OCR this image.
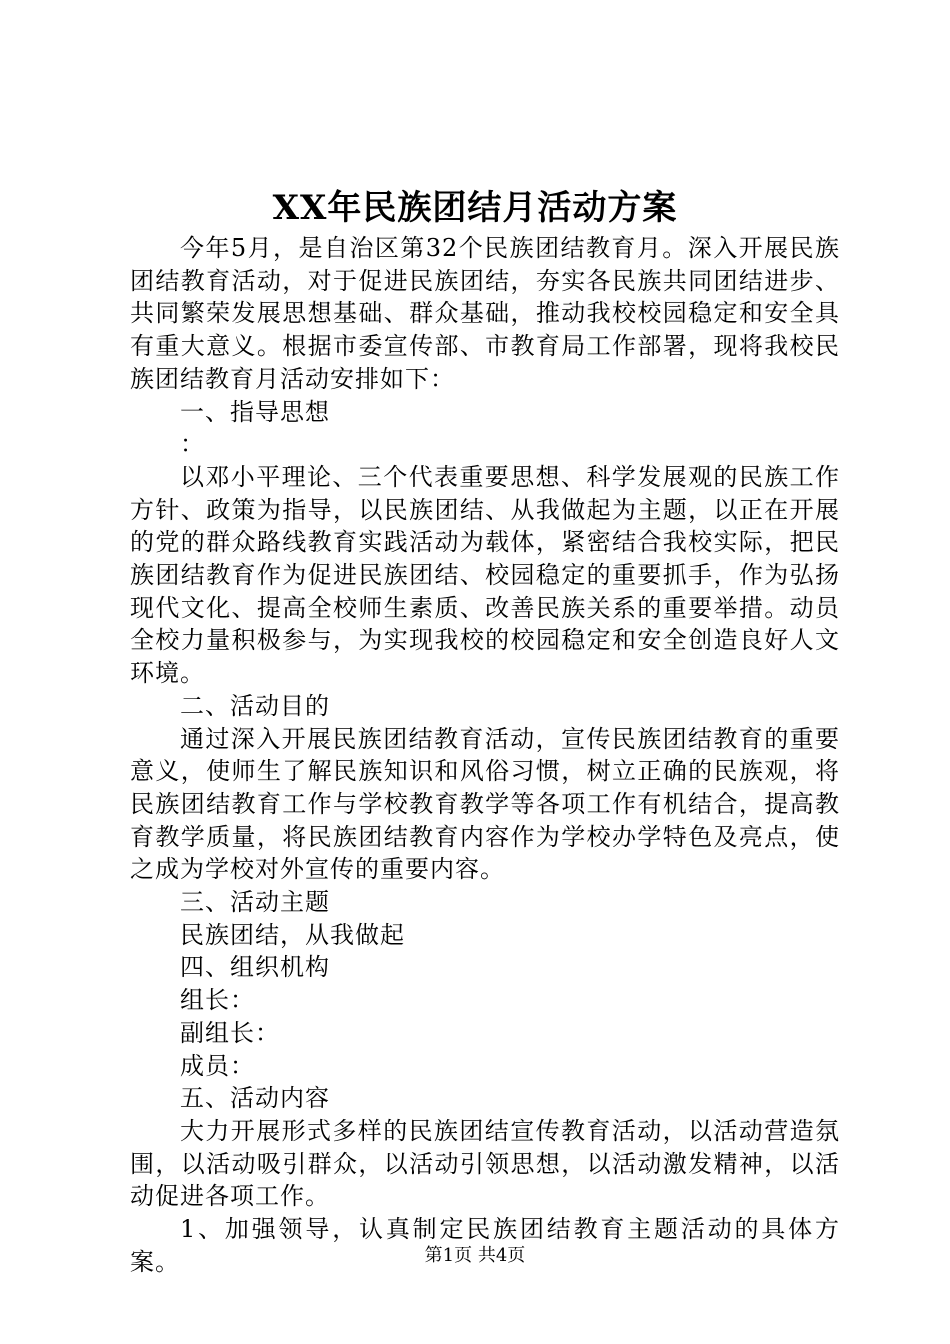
XX年民族团结月活动方案

今年5月，是自治区第32个民族团结教育月。深入开展民族团结教育活动，对于促进民族团结，夯实各民族共同团结进步、共同繁荣发展思想基础、群众基础，推动我校校园稳定和安全具有重大意义。根据市委宣传部、市教育局工作部署，现将我校民族团结教育月活动安排如下：

一、指导思想

：

以邓小平理论、三个代表重要思想、科学发展观的民族工作方针、政策为指导，以民族团结、从我做起为主题，以正在开展的党的群众路线教育实践活动为载体，紧密结合我校实际，把民族团结教育作为促进民族团结、校园稳定的重要抓手，作为弘扬现代文化、提高全校师生素质、改善民族关系的重要举措。动员全校力量积极参与，为实现我校的校园稳定和安全创造良好人文环境。

二、活动目的

通过深入开展民族团结教育活动，宣传民族团结教育的重要意义，使师生了解民族知识和风俗习惯，树立正确的民族观，将民族团结教育工作与学校教育教学等各项工作有机结合，提高教育教学质量，将民族团结教育内容作为学校办学特色及亮点，使之成为学校对外宣传的重要内容。

三、活动主题

民族团结，从我做起

四、组织机构

组长：

副组长：

成员：

五、活动内容

大力开展形式多样的民族团结宣传教育活动，以活动营造氛围，以活动吸引群众，以活动引领思想，以活动激发精神，以活动促进各项工作。

1、加强领导，认真制定民族团结教育主题活动的具体方案。	第1页 共4页
